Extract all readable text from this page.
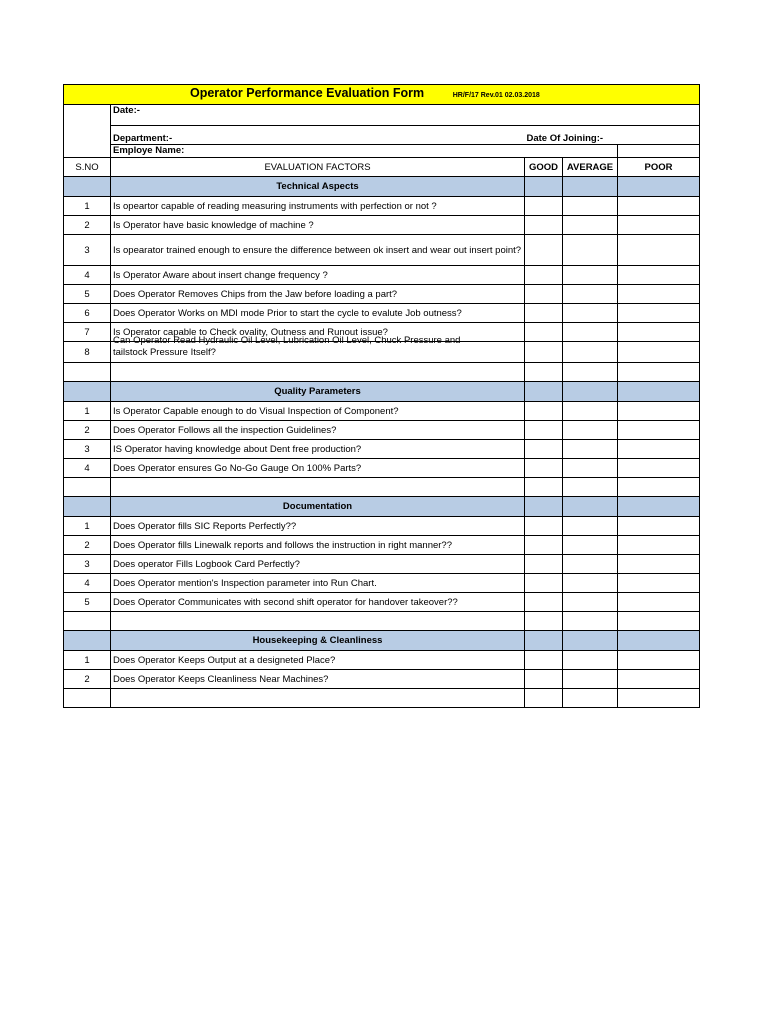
Operator Performance Evaluation Form HR/F/17 Rev.01 02.03.2018				
	Date:-			
	Department:-	Date Of Joining:-		
	Employe Name:			
S.NO	EVALUATION FACTORS	GOOD	AVERAGE	POOR
	Technical Aspects			
1	Is opeartor capable of reading measuring instruments with perfection or not ?			
2	Is Operator have basic knowledge of machine ?			
3	Is opearator trained enough to ensure the difference between ok insert and wear out insert point?			
4	Is Operator Aware about insert change frequency ?			
5	Does Operator Removes Chips from the Jaw before loading a part?			
6	Does Operator Works on MDI mode Prior to start the cycle to evalute Job outness?			
7	Is Operator capable to Check ovality, Outness and Runout issue?			
8	Can Operator Read Hydraulic Oil Level, Lubrication Oil Level, Chuck Pressure and
tailstock Pressure Itself?			

	Quality Parameters			
1	Is Operator Capable enough to do Visual Inspection of Component?			
2	Does Operator Follows all the inspection Guidelines?			
3	IS Operator having knowledge about Dent free production?			
4	Does Operator ensures Go No-Go Gauge On 100% Parts?			

	Documentation			
1	Does Operator fills SIC Reports Perfectly??			
2	Does Operator fills Linewalk reports and follows the instruction in right manner??			
3	Does operator Fills Logbook Card Perfectly?			
4	Does Operator mention's Inspection parameter into Run Chart.			
5	Does Operator Communicates with second shift operator for handover takeover??			

	Housekeeping & Cleanliness			
1	Does Operator Keeps Output at a designeted Place?			
2	Does Operator Keeps Cleanliness Near Machines?			
